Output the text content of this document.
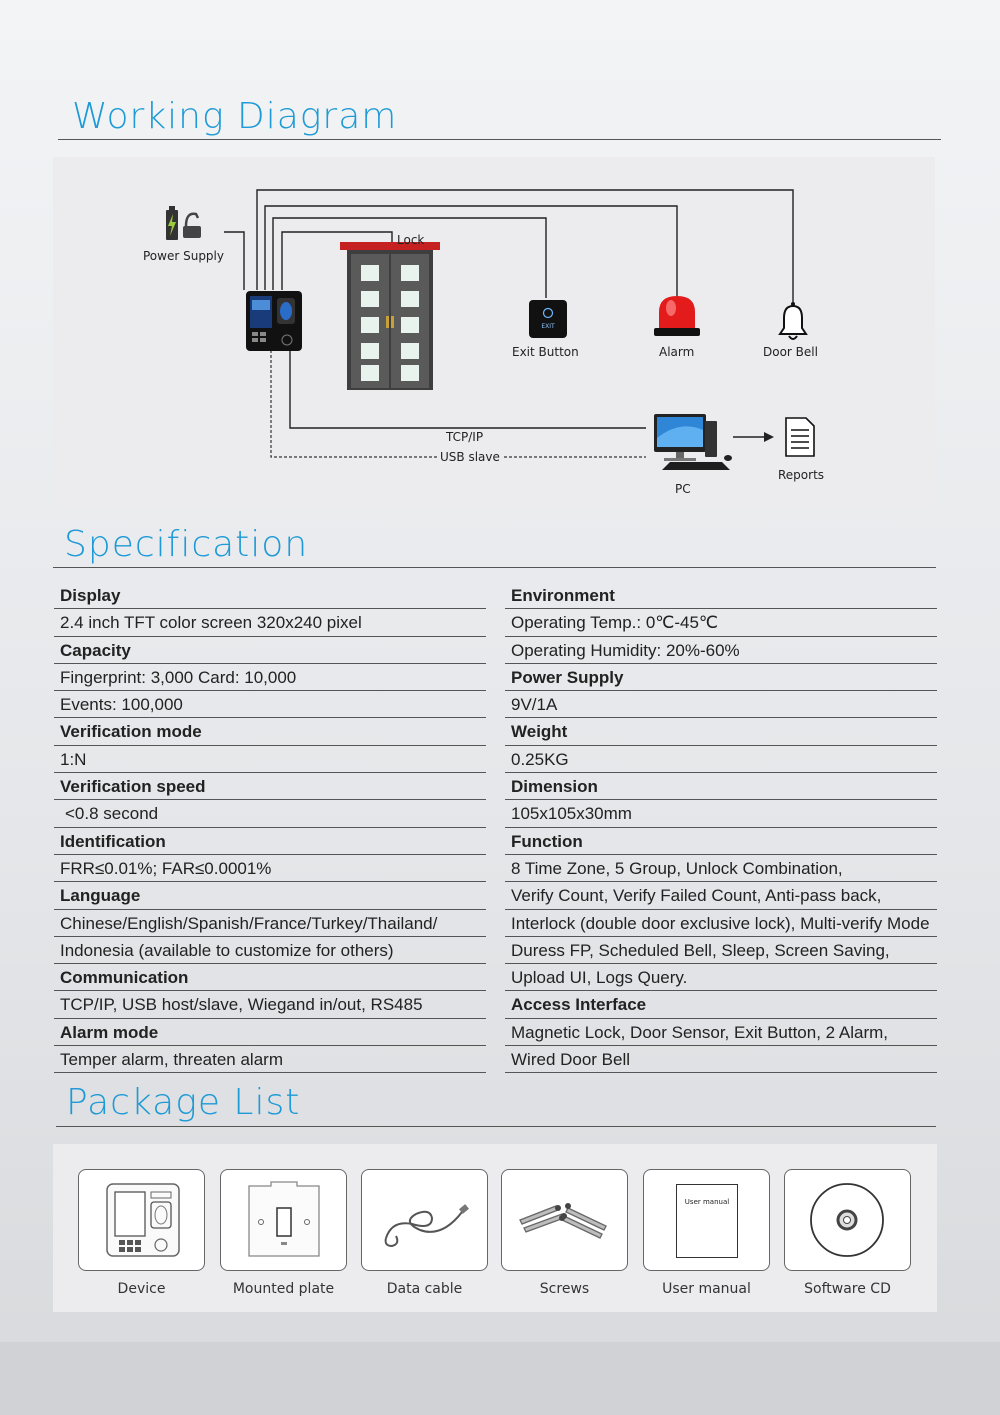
Working Diagram
EXIT
Power Supply
Lock
Exit Button	Alarm	Door Bell
TCP/IP
USB slave
PC
Reports
Specification
Display
2.4 inch TFT color screen 320x240 pixel
Capacity
Fingerprint: 3,000 Card: 10,000
Events: 100,000
Verification mode
1:N
Verification speed
<0.8 second
Identification
FRR≤0.01%; FAR≤0.0001%
Language
Chinese/English/Spanish/France/Turkey/Thailand/
Indonesia (available to customize for others)
Communication
TCP/IP, USB host/slave, Wiegand in/out, RS485
Alarm mode
Temper alarm, threaten alarm
Environment
Operating Temp.: 0℃-45℃
Operating Humidity: 20%-60%
Power Supply
9V/1A
Weight
0.25KG
Dimension
105x105x30mm
Function
8 Time Zone, 5 Group, Unlock Combination,
Verify Count, Verify Failed Count, Anti-pass back,
Interlock (double door exclusive lock), Multi-verify Mode
Duress FP, Scheduled Bell, Sleep, Screen Saving,
Upload UI, Logs Query.
Access Interface
Magnetic Lock, Door Sensor, Exit Button, 2 Alarm,
Wired Door Bell
Package List
Device	Mounted plate	Data cable	Screws
User manual
User manual	Software CD
